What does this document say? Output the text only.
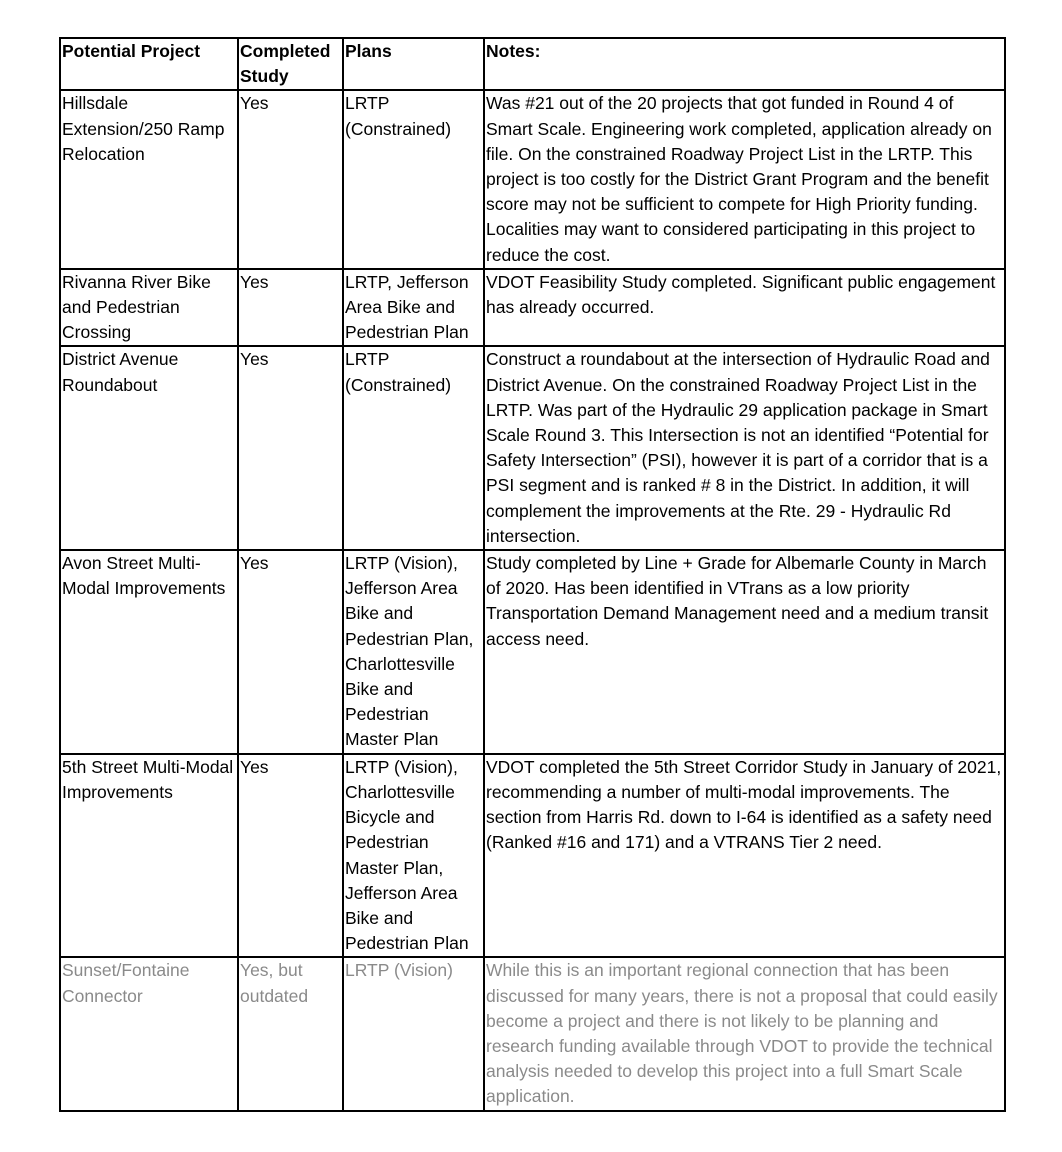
Potential Project	Completed Study	Plans	Notes:
Hillsdale Extension/250 Ramp Relocation	Yes	LRTP (Constrained)	Was #21 out of the 20 projects that got funded in Round 4 of Smart Scale. Engineering work completed, application already on file. On the constrained Roadway Project List in the LRTP. This project is too costly for the District Grant Program and the benefit score may not be sufficient to compete for High Priority funding. Localities may want to considered participating in this project to reduce the cost.
Rivanna River Bike and Pedestrian Crossing	Yes	LRTP, Jefferson Area Bike and Pedestrian Plan	VDOT Feasibility Study completed. Significant public engagement has already occurred.
District Avenue Roundabout	Yes	LRTP (Constrained)	Construct a roundabout at the intersection of Hydraulic Road and District Avenue. On the constrained Roadway Project List in the LRTP. Was part of the Hydraulic 29 application package in Smart Scale Round 3. This Intersection is not an identified “Potential for Safety Intersection” (PSI), however it is part of a corridor that is a PSI segment and is ranked # 8 in the District. In addition, it will complement the improvements at the Rte. 29 - Hydraulic Rd intersection.
Avon Street Multi-Modal Improvements	Yes	LRTP (Vision), Jefferson Area Bike and Pedestrian Plan, Charlottesville Bike and Pedestrian Master Plan	Study completed by Line + Grade for Albemarle County in March of 2020. Has been identified in VTrans as a low priority Transportation Demand Management need and a medium transit access need.
5th Street Multi-Modal Improvements	Yes	LRTP (Vision), Charlottesville Bicycle and Pedestrian Master Plan, Jefferson Area Bike and Pedestrian Plan	VDOT completed the 5th Street Corridor Study in January of 2021, recommending a number of multi-modal improvements. The section from Harris Rd. down to I-64 is identified as a safety need (Ranked #16 and 171) and a VTRANS Tier 2 need.
Sunset/Fontaine Connector	Yes, but outdated	LRTP (Vision)	While this is an important regional connection that has been discussed for many years, there is not a proposal that could easily become a project and there is not likely to be planning and research funding available through VDOT to provide the technical analysis needed to develop this project into a full Smart Scale application.
